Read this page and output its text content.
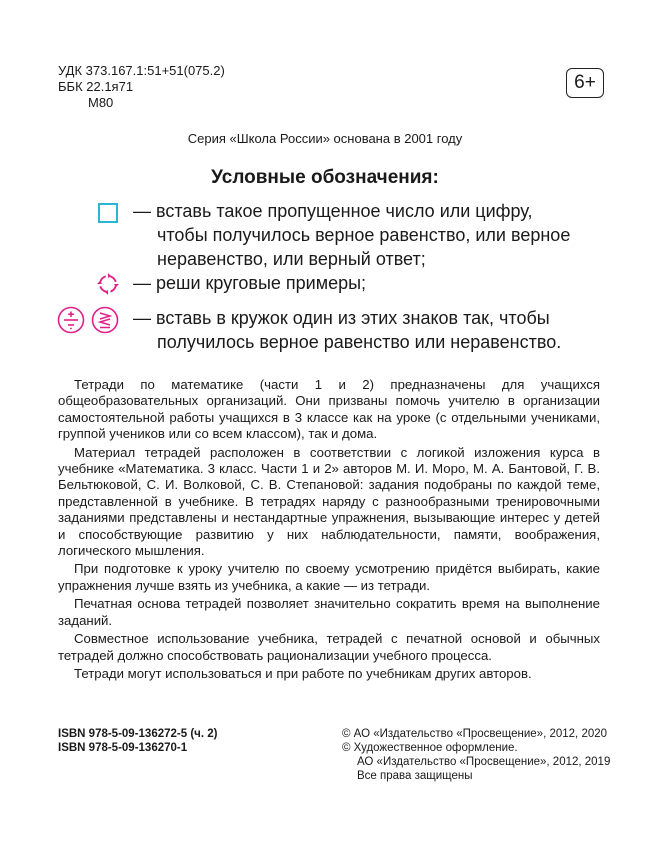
УДК 373.167.1:51+51(075.2)
ББК 22.1я71
М80
6+
Серия «Школа России» основана в 2001 году
Условные обозначения:
— вставь такое пропущенное число или цифру,
чтобы получилось верное равенство, или верное
неравенство, или верный ответ;
— реши круговые примеры;
— вставь в кружок один из этих знаков так, чтобы
получилось верное равенство или неравенство.

Тетради по математике (части 1 и 2) предназначены для учащихся общеобразовательных организаций. Они призваны помочь учителю в организации самостоятельной работы учащихся в 3 классе как на уроке (с отдельными учениками, группой учеников или со всем классом), так и дома.

Материал тетрадей расположен в соответствии с логикой изложения курса в учебнике «Математика. 3 класс. Части 1 и 2» авторов М. И. Моро, М. А. Бантовой, Г. В. Бельтюковой, С. И. Волковой, С. В. Степановой: задания подобраны по каждой теме, представленной в учебнике. В тетрадях наряду с разнообразными тренировочными заданиями представлены и нестандартные упражнения, вызывающие интерес у детей и способствующие развитию у них наблюдательности, памяти, воображения, логического мышления.

При подготовке к уроку учителю по своему усмотрению придётся выбирать, какие упражнения лучше взять из учебника, а какие — из тетради.

Печатная основа тетрадей позволяет значительно сократить время на выполнение заданий.

Совместное использование учебника, тетрадей с печатной основой и обычных тетрадей должно способствовать рационализации учебного процесса.

Тетради могут использоваться и при работе по учебникам других авторов.

ISBN 978-5-09-136272-5 (ч. 2)
ISBN 978-5-09-136270-1
© АО «Издательство «Просвещение», 2012, 2020
© Художественное оформление.
АО «Издательство «Просвещение», 2012, 2019
Все права защищены
